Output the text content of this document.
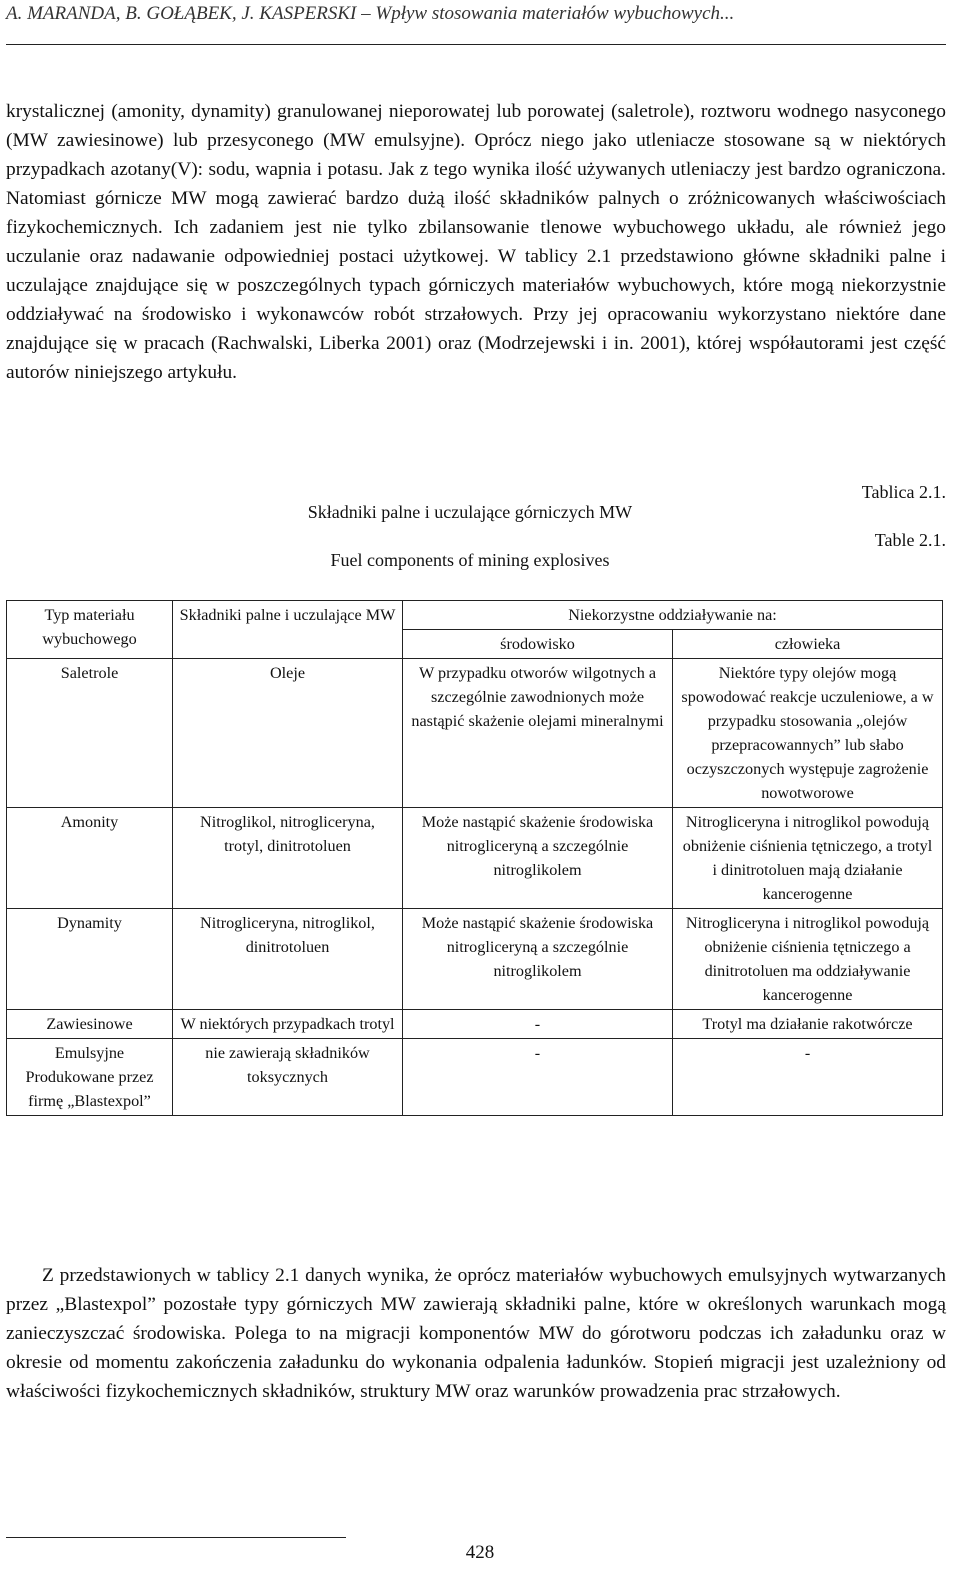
A. MARANDA, B. GOŁĄBEK, J. KASPERSKI – Wpływ stosowania materiałów wybuchowych...

krystalicznej (amonity, dynamity) granulowanej nieporowatej lub porowatej (saletrole), roztworu wodnego nasyconego (MW zawiesinowe) lub przesyconego (MW emulsyjne). Oprócz niego jako utleniacze stosowane są w niektórych przypadkach azotany(V): sodu, wapnia i potasu. Jak z tego wynika ilość używanych utleniaczy jest bardzo ograniczona. Natomiast górnicze MW mogą zawierać bardzo dużą ilość składników palnych o zróżnicowanych właściwościach fizykochemicznych. Ich zadaniem jest nie tylko zbilansowanie tlenowe wybuchowego układu, ale również jego uczulanie oraz nadawanie odpowiedniej postaci użytkowej. W tablicy 2.1 przedstawiono główne składniki palne i uczulające znajdujące się w poszczególnych typach górniczych materiałów wybuchowych, które mogą niekorzystnie oddziaływać na środowisko i wykonawców robót strzałowych. Przy jej opracowaniu wykorzystano niektóre dane znajdujące się w pracach (Rachwalski, Liberka 2001) oraz (Modrzejewski i in. 2001), której współautorami jest część autorów niniejszego artykułu.

Tablica 2.1.
Table 2.1.
Składniki palne i uczulające górniczych MW
Fuel components of mining explosives
Typ materiału wybuchowego	Składniki palne i uczulające MW	Niekorzystne oddziaływanie na:	
		środowisko	człowieka
Saletrole	Oleje	W przypadku otworów wilgotnych a szczególnie zawodnionych może nastąpić skażenie olejami mineralnymi	Niektóre typy olejów mogą spowodować reakcje uczuleniowe, a w przypadku stosowania „olejów przepracowannych” lub słabo oczyszczonych występuje zagrożenie nowotworowe
Amonity	Nitroglikol, nitrogliceryna, trotyl, dinitrotoluen	Może nastąpić skażenie środowiska nitrogliceryną a szczególnie nitroglikolem	Nitrogliceryna i nitroglikol powodują obniżenie ciśnienia tętniczego, a trotyl i dinitrotoluen mają działanie kancerogenne
Dynamity	Nitrogliceryna, nitroglikol, dinitrotoluen	Może nastąpić skażenie środowiska nitrogliceryną a szczególnie nitroglikolem	Nitrogliceryna i nitroglikol powodują obniżenie ciśnienia tętniczego a dinitrotoluen ma oddziaływanie kancerogenne
Zawiesinowe	W niektórych przypadkach trotyl	-	Trotyl ma działanie rakotwórcze
Emulsyjne Produkowane przez firmę „Blastexpol”	nie zawierają składników toksycznych	-	-

Z przedstawionych w tablicy 2.1 danych wynika, że oprócz materiałów wybuchowych emulsyjnych wytwarzanych przez „Blastexpol” pozostałe typy górniczych MW zawierają składniki palne, które w określonych warunkach mogą zanieczyszczać środowiska. Polega to na migracji komponentów MW do górotworu podczas ich załadunku oraz w okresie od momentu zakończenia załadunku do wykonania odpalenia ładunków. Stopień migracji jest uzależniony od właściwości fizykochemicznych składników, struktury MW oraz warunków prowadzenia prac strzałowych.

428
